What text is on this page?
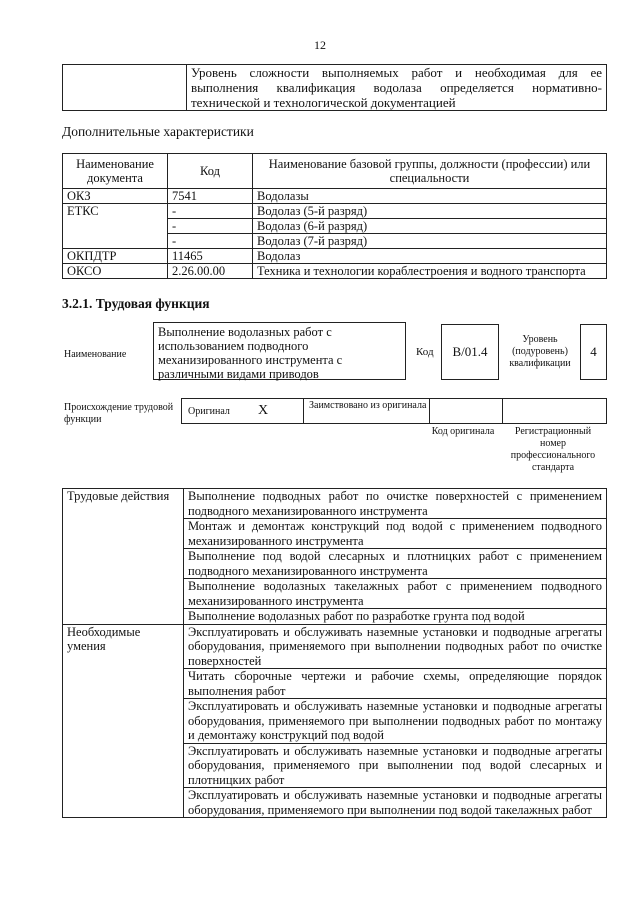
12
	Уровень сложности выполняемых работ и необходимая для ее выполнения квалификация водолаза определяется нормативно-технической и технологической документацией
Дополнительные характеристики
Наименование документа	Код	Наименование базовой группы, должности (профессии) или специальности
ОКЗ	7541	Водолазы
ЕТКС	-	Водолаз (5-й разряд)
	-	Водолаз (6-й разряд)
	-	Водолаз (7-й разряд)
ОКПДТР	11465	Водолаз
ОКСО	2.26.00.00	Техника и технологии кораблестроения и водного транспорта
3.2.1. Трудовая функция
Наименование
Выполнение водолазных работ с использованием подводного механизированного инструмента с различными видами приводов
Код	B/01.4
Уровень (подуровень) квалификации
4
Происхождение трудовой функции
Оригинал X	Заимствовано из оригинала
Код оригинала	Регистрационный номер профессионального стандарта
Трудовые действия	Выполнение подводных работ по очистке поверхностей с применением подводного механизированного инструмента
	Монтаж и демонтаж конструкций под водой с применением подводного механизированного инструмента
	Выполнение под водой слесарных и плотницких работ с применением подводного механизированного инструмента
	Выполнение водолазных такелажных работ с применением подводного механизированного инструмента
	Выполнение водолазных работ по разработке грунта под водой
Необходимые умения	Эксплуатировать и обслуживать наземные установки и подводные агрегаты оборудования, применяемого при выполнении подводных работ по очистке поверхностей
	Читать сборочные чертежи и рабочие схемы, определяющие порядок выполнения работ
	Эксплуатировать и обслуживать наземные установки и подводные агрегаты оборудования, применяемого при выполнении подводных работ по монтажу и демонтажу конструкций под водой
	Эксплуатировать и обслуживать наземные установки и подводные агрегаты оборудования, применяемого при выполнении под водой слесарных и плотницких работ
	Эксплуатировать и обслуживать наземные установки и подводные агрегаты оборудования, применяемого при выполнении под водой такелажных работ
